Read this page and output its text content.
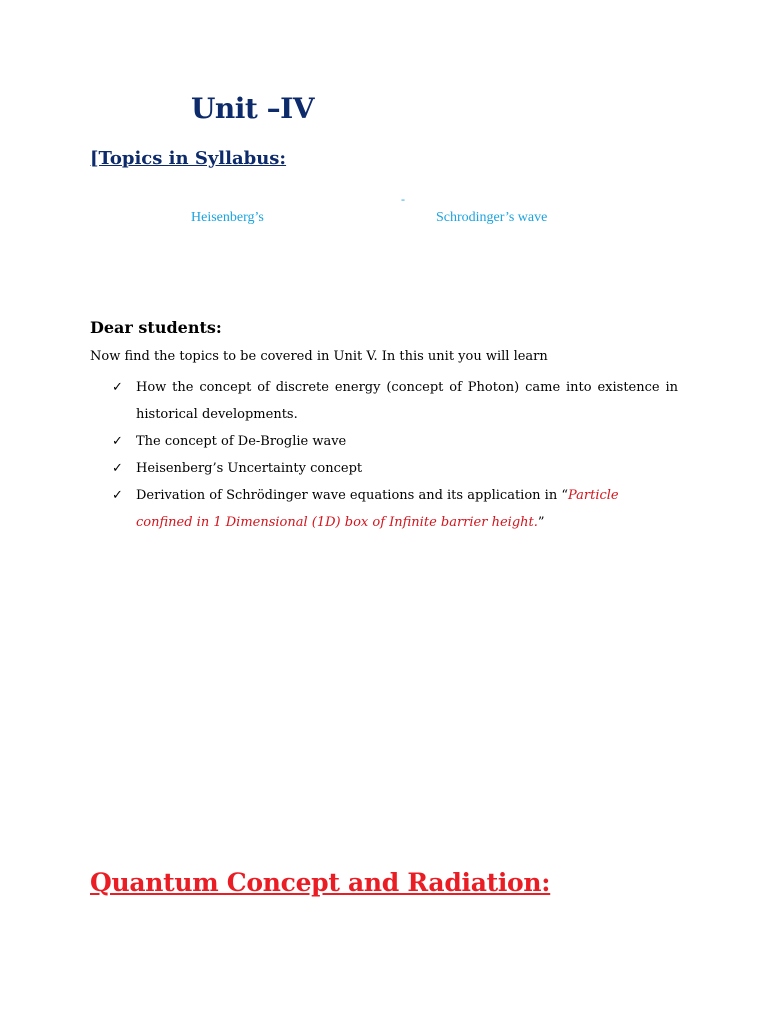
Unit –IV
[Topics in Syllabus:
-
Heisenberg’s	Schrodinger’s wave

Dear students:

Now find the topics to be covered in Unit V. In this unit you will learn

✓ How the concept of discrete energy (concept of Photon) came into existence in historical developments.
✓ The concept of De-Broglie wave
✓ Heisenberg’s Uncertainty concept
✓ Derivation of Schrödinger wave equations and its application in “Particle confined in 1 Dimensional (1D) box of Infinite barrier height.”
Quantum Concept and Radiation:
